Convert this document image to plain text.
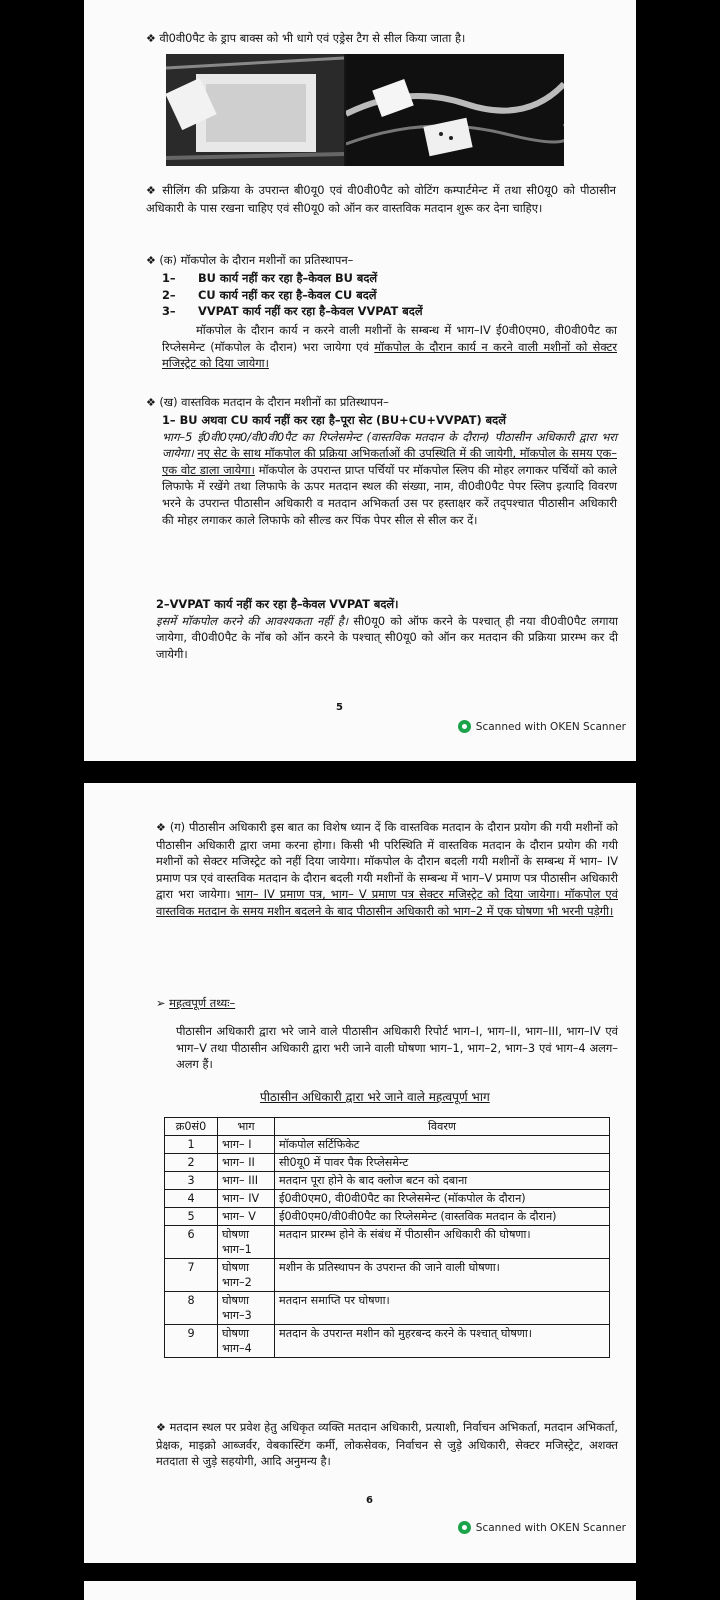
❖ वी0वी0पैट के ड्राप बाक्स को भी धागे एवं एड्रेस टैग से सील किया जाता है।
❖ सीलिंग की प्रक्रिया के उपरान्त बी0यू0 एवं वी0वी0पैट को वोटिंग कम्पार्टमेन्ट में तथा सी0यू0 को पीठासीन अधिकारी के पास रखना चाहिए एवं सी0यू0 को ऑन कर वास्तविक मतदान शुरू कर देना चाहिए।
❖ (क) मॉकपोल के दौरान मशीनों का प्रतिस्थापन–
1–	BU कार्य नहीं कर रहा है–केवल BU बदलें
2–	CU कार्य नहीं कर रहा है–केवल CU बदलें
3–	VVPAT कार्य नहीं कर रहा है–केवल VVPAT बदलें
मॉकपोल के दौरान कार्य न करने वाली मशीनों के सम्बन्ध में भाग–IV ई0वी0एम0, वी0वी0पैट का रिप्लेसमेन्ट (मॉकपोल के दौरान) भरा जायेगा एवं मॉकपोल के दौरान कार्य न करने वाली मशीनों को सेक्टर मजिस्ट्रेट को दिया जायेगा।
❖ (ख) वास्तविक मतदान के दौरान मशीनों का प्रतिस्थापन–
1– BU अथवा CU कार्य नहीं कर रहा है–पूरा सेट (BU+CU+VVPAT) बदलें
भाग–5 ई0वी0एम0/वी0वी0पैट का रिप्लेसमेन्ट (वास्तविक मतदान के दौरान) पीठासीन अधिकारी द्वारा भरा जायेगा। नए सेट के साथ मॉकपोल की प्रक्रिया अभिकर्ताओं की उपस्थिति में की जायेगी, मॉकपोल के समय एक–एक वोट डाला जायेगा। मॉकपोल के उपरान्त प्राप्त पर्चियों पर मॉकपोल स्लिप की मोहर लगाकर पर्चियों को काले लिफाफे में रखेंगे तथा लिफाफे के ऊपर मतदान स्थल की संख्या, नाम, वी0वी0पैट पेपर स्लिप इत्यादि विवरण भरने के उपरान्त पीठासीन अधिकारी व मतदान अभिकर्ता उस पर हस्ताक्षर करें तद्पश्चात पीठासीन अधिकारी की मोहर लगाकर काले लिफाफे को सील्ड कर पिंक पेपर सील से सील कर दें।
2–VVPAT कार्य नहीं कर रहा है–केवल VVPAT बदलें।
इसमें मॉकपोल करने की आवश्यकता नहीं है। सी0यू0 को ऑफ करने के पश्चात् ही नया वी0वी0पैट लगाया जायेगा, वी0वी0पैट के नॉब को ऑन करने के पश्चात् सी0यू0 को ऑन कर मतदान की प्रक्रिया प्रारम्भ कर दी जायेगी।
5
Scanned with OKEN Scanner
❖ (ग) पीठासीन अधिकारी इस बात का विशेष ध्यान दें कि वास्तविक मतदान के दौरान प्रयोग की गयी मशीनों को पीठासीन अधिकारी द्वारा जमा करना होगा। किसी भी परिस्थिति में वास्तविक मतदान के दौरान प्रयोग की गयी मशीनों को सेक्टर मजिस्ट्रेट को नहीं दिया जायेगा। मॉकपोल के दौरान बदली गयी मशीनों के सम्बन्ध में भाग– IV प्रमाण पत्र एवं वास्तविक मतदान के दौरान बदली गयी मशीनों के सम्बन्ध में भाग–V प्रमाण पत्र पीठासीन अधिकारी द्वारा भरा जायेगा। भाग– IV प्रमाण पत्र, भाग– V प्रमाण पत्र सेक्टर मजिस्ट्रेट को दिया जायेगा। मॉकपोल एवं वास्तविक मतदान के समय मशीन बदलने के बाद पीठासीन अधिकारी को भाग–2 में एक घोषणा भी भरनी पड़ेगी।
➢ महत्वपूर्ण तथ्यः–
पीठासीन अधिकारी द्वारा भरे जाने वाले पीठासीन अधिकारी रिपोर्ट भाग–I, भाग–II, भाग–III, भाग–IV एवं भाग–V तथा पीठासीन अधिकारी द्वारा भरी जाने वाली घोषणा भाग–1, भाग–2, भाग–3 एवं भाग–4 अलग–अलग हैं।
पीठासीन अधिकारी द्वारा भरे जाने वाले महत्वपूर्ण भाग
क्र0सं0	भाग	विवरण
1	भाग– I	मॉकपोल सर्टिफिकेट
2	भाग– II	सी0यू0 में पावर पैक रिप्लेसमेन्ट
3	भाग– III	मतदान पूरा होने के बाद क्लोज बटन को दबाना
4	भाग– IV	ई0वी0एम0, वी0वी0पैट का रिप्लेसमेन्ट (मॉकपोल के दौरान)
5	भाग– V	ई0वी0एम0/वी0वी0पैट का रिप्लेसमेन्ट (वास्तविक मतदान के दौरान)
6	घोषणा भाग–1	मतदान प्रारम्भ होने के संबंध में पीठासीन अधिकारी की घोषणा।
7	घोषणा भाग–2	मशीन के प्रतिस्थापन के उपरान्त की जाने वाली घोषणा।
8	घोषणा भाग–3	मतदान समाप्ति पर घोषणा।
9	घोषणा भाग–4	मतदान के उपरान्त मशीन को मुहरबन्द करने के पश्चात् घोषणा।
❖ मतदान स्थल पर प्रवेश हेतु अधिकृत व्यक्ति मतदान अधिकारी, प्रत्याशी, निर्वाचन अभिकर्ता, मतदान अभिकर्ता, प्रेक्षक, माइक्रो आब्जर्वर, वेबकास्टिंग कर्मी, लोकसेवक, निर्वाचन से जुड़े अधिकारी, सेक्टर मजिस्ट्रेट, अशक्त मतदाता से जुड़े सहयोगी, आदि अनुमन्य है।
6
Scanned with OKEN Scanner
